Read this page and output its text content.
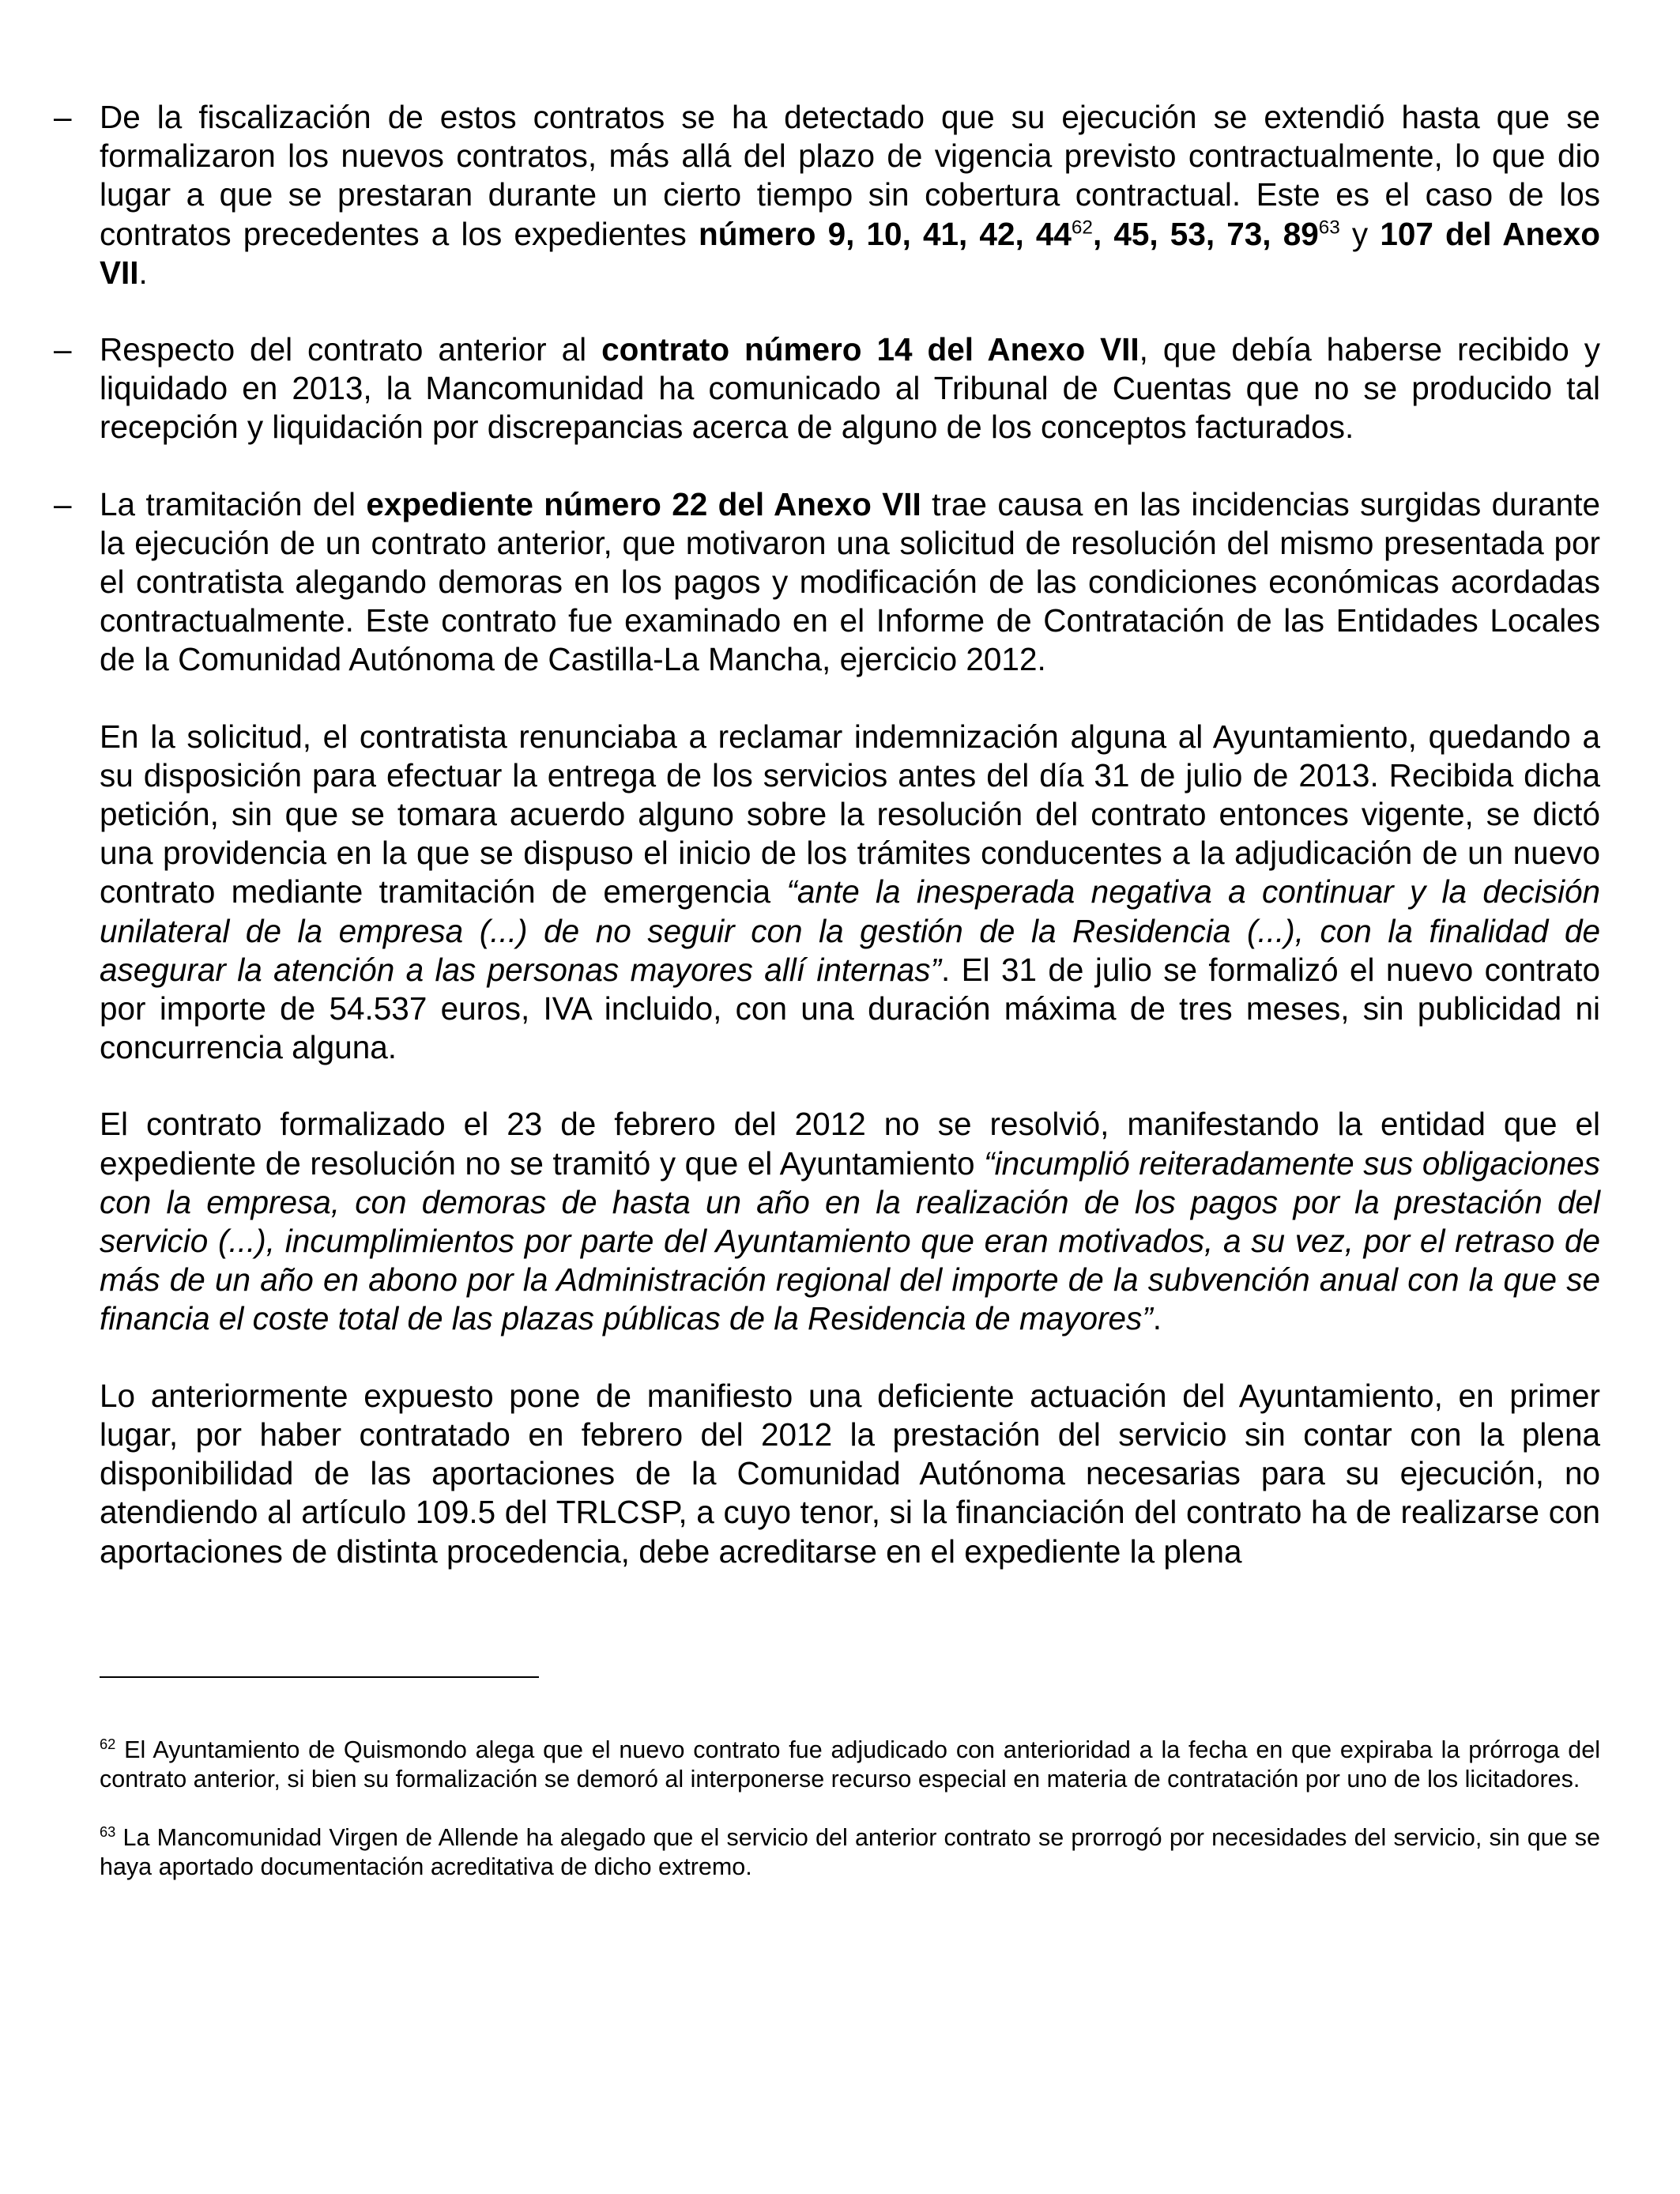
– De la fiscalización de estos contratos se ha detectado que su ejecución se extendió hasta que se formalizaron los nuevos contratos, más allá del plazo de vigencia previsto contractualmente, lo que dio lugar a que se prestaran durante un cierto tiempo sin cobertura contractual. Este es el caso de los contratos precedentes a los expedientes número 9, 10, 41, 42, $44^{62}$, 45, 53, 73, $89^{63}$ y 107 del Anexo VII.

– Respecto del contrato anterior al contrato número 14 del Anexo VII, que debía haberse recibido y liquidado en 2013, la Mancomunidad ha comunicado al Tribunal de Cuentas que no se producido tal recepción y liquidación por discrepancias acerca de alguno de los conceptos facturados.

– La tramitación del expediente número 22 del Anexo VII trae causa en las incidencias surgidas durante la ejecución de un contrato anterior, que motivaron una solicitud de resolución del mismo presentada por el contratista alegando demoras en los pagos y modificación de las condiciones económicas acordadas contractualmente. Este contrato fue examinado en el Informe de Contratación de las Entidades Locales de la Comunidad Autónoma de Castilla-La Mancha, ejercicio 2012.

En la solicitud, el contratista renunciaba a reclamar indemnización alguna al Ayuntamiento, quedando a su disposición para efectuar la entrega de los servicios antes del día 31 de julio de 2013. Recibida dicha petición, sin que se tomara acuerdo alguno sobre la resolución del contrato entonces vigente, se dictó una providencia en la que se dispuso el inicio de los trámites conducentes a la adjudicación de un nuevo contrato mediante tramitación de emergencia “ante la inesperada negativa a continuar y la decisión unilateral de la empresa (...) de no seguir con la gestión de la Residencia (...), con la finalidad de asegurar la atención a las personas mayores allí internas”. El 31 de julio se formalizó el nuevo contrato por importe de 54.537 euros, IVA incluido, con una duración máxima de tres meses, sin publicidad ni concurrencia alguna.

El contrato formalizado el 23 de febrero del 2012 no se resolvió, manifestando la entidad que el expediente de resolución no se tramitó y que el Ayuntamiento “incumplió reiteradamente sus obligaciones con la empresa, con demoras de hasta un año en la realización de los pagos por la prestación del servicio (...), incumplimientos por parte del Ayuntamiento que eran motivados, a su vez, por el retraso de más de un año en abono por la Administración regional del importe de la subvención anual con la que se financia el coste total de las plazas públicas de la Residencia de mayores”.

Lo anteriormente expuesto pone de manifiesto una deficiente actuación del Ayuntamiento, en primer lugar, por haber contratado en febrero del 2012 la prestación del servicio sin contar con la plena disponibilidad de las aportaciones de la Comunidad Autónoma necesarias para su ejecución, no atendiendo al artículo 109.5 del TRLCSP, a cuyo tenor, si la financiación del contrato ha de realizarse con aportaciones de distinta procedencia, debe acreditarse en el expediente la plena

$^{62}$ El Ayuntamiento de Quismondo alega que el nuevo contrato fue adjudicado con anterioridad a la fecha en que expiraba la prórroga del contrato anterior, si bien su formalización se demoró al interponerse recurso especial en materia de contratación por uno de los licitadores.

$^{63}$ La Mancomunidad Virgen de Allende ha alegado que el servicio del anterior contrato se prorrogó por necesidades del servicio, sin que se haya aportado documentación acreditativa de dicho extremo.
